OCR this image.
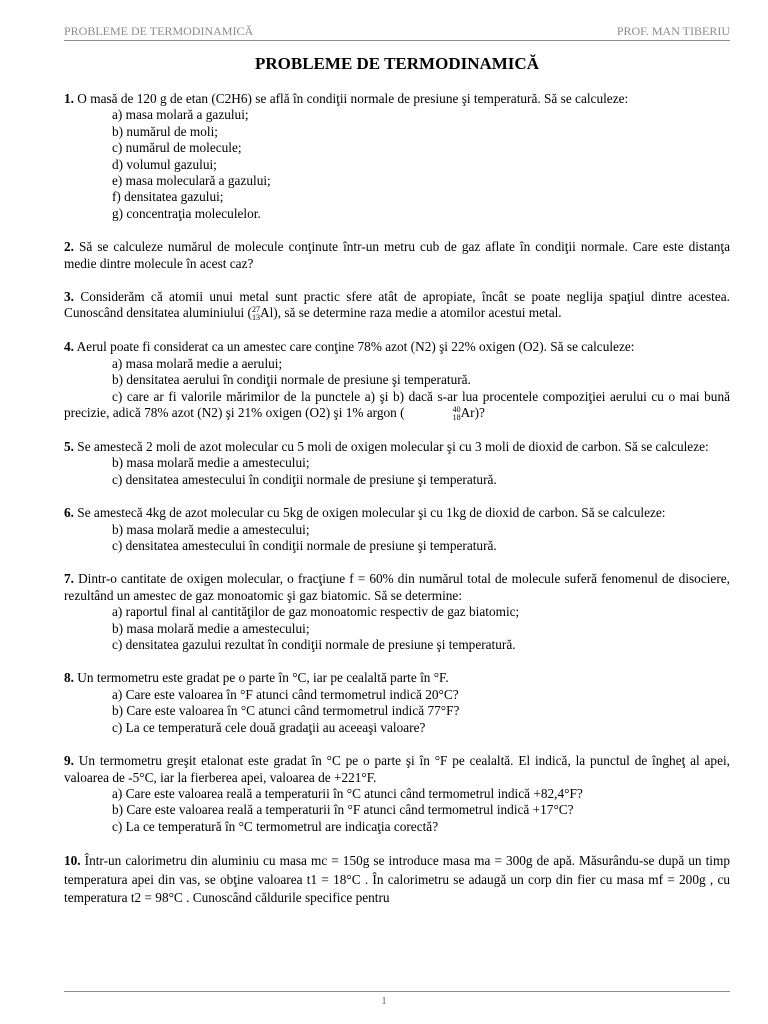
PROBLEME DE TERMODINAMICĂ	PROF. MAN TIBERIU
PROBLEME DE TERMODINAMICĂ

1. O masă de 120 g de etan (C2H6) se află în condiţii normale de presiune şi temperatură. Să se calculeze:

a) masa molară a gazului;
b) numărul de moli;
c) numărul de molecule;
d) volumul gazului;
e) masa moleculară a gazului;
f) densitatea gazului;
g) concentraţia moleculelor.

2. Să se calculeze numărul de molecule conţinute într-un metru cub de gaz aflate în condiţii normale. Care este distanţa medie dintre molecule în acest caz?

3. Considerăm că atomii unui metal sunt practic sfere atât de apropiate, încât se poate neglija spaţiul dintre acestea. Cunoscând densitatea aluminiului ( 27
13 Al), să se determine raza medie a atomilor acestui metal.

4. Aerul poate fi considerat ca un amestec care conţine 78% azot (N2) şi 22% oxigen (O2). Să se calculeze:

a) masa molară medie a aerului;
b) densitatea aerului în condiţii normale de presiune şi temperatură.

c) care ar fi valorile mărimilor de la punctele a) şi b) dacă s-ar lua procentele compoziţiei aerului cu o mai bună precizie, adică 78% azot (N2) şi 21% oxigen (O2) şi 1% argon (	40
18 Ar)?

5. Se amestecă 2 moli de azot molecular cu 5 moli de oxigen molecular şi cu 3 moli de dioxid de carbon. Să se calculeze:

b) masa molară medie a amestecului;
c) densitatea amestecului în condiţii normale de presiune şi temperatură.

6. Se amestecă 4kg de azot molecular cu 5kg de oxigen molecular şi cu 1kg de dioxid de carbon. Să se calculeze:

b) masa molară medie a amestecului;
c) densitatea amestecului în condiţii normale de presiune şi temperatură.

7. Dintr-o cantitate de oxigen molecular, o fracţiune f = 60% din numărul total de molecule suferă fenomenul de disociere, rezultând un amestec de gaz monoatomic şi gaz biatomic. Să se determine:

a) raportul final al cantităţilor de gaz monoatomic respectiv de gaz biatomic;
b) masa molară medie a amestecului;
c) densitatea gazului rezultat în condiţii normale de presiune şi temperatură.

8. Un termometru este gradat pe o parte în °C, iar pe cealaltă parte în °F.

a) Care este valoarea în °F atunci când termometrul indică 20°C?
b) Care este valoarea în °C atunci când termometrul indică 77°F?
c) La ce temperatură cele două gradaţii au aceeaşi valoare?

9. Un termometru greşit etalonat este gradat în °C pe o parte şi în °F pe cealaltă. El indică, la punctul de îngheţ al apei, valoarea de -5°C, iar la fierberea apei, valoarea de +221°F.

a) Care este valoarea reală a temperaturii în °C atunci când termometrul indică +82,4°F?
b) Care este valoarea reală a temperaturii în °F atunci când termometrul indică +17°C?
c) La ce temperatură în °C termometrul are indicaţia corectă?

10. Într-un calorimetru din aluminiu cu masa mc = 150g se introduce masa ma = 300g de apă. Măsurându-se după un timp temperatura apei din vas, se obţine valoarea t1 = 18°C . În calorimetru se adaugă un corp din fier cu masa mf = 200g , cu temperatura t2 = 98°C . Cunoscând căldurile specifice pentru

1
